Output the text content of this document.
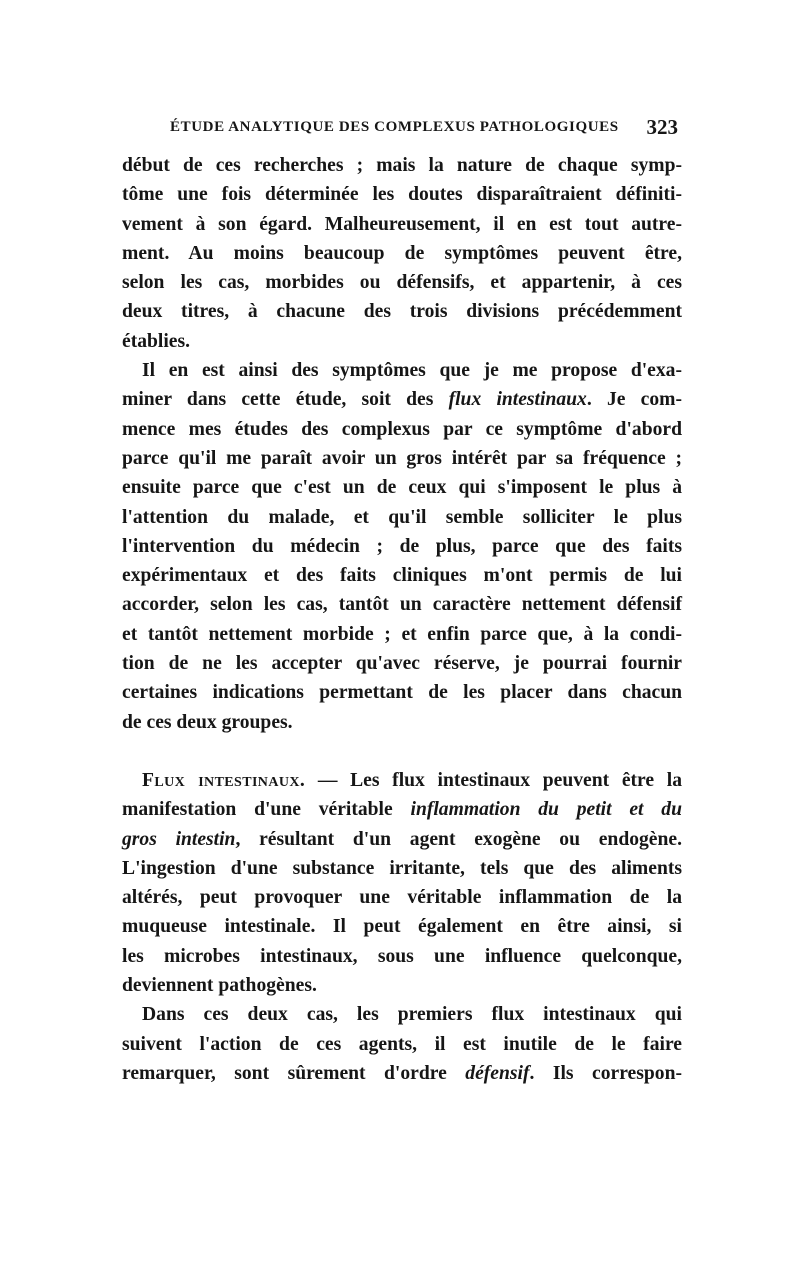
ÉTUDE ANALYTIQUE DES COMPLEXUS PATHOLOGIQUES 323
début de ces recherches ; mais la nature de chaque symp-
tôme une fois déterminée les doutes disparaîtraient définiti-
vement à son égard. Malheureusement, il en est tout autre-
ment. Au moins beaucoup de symptômes peuvent être,
selon les cas, morbides ou défensifs, et appartenir, à ces
deux titres, à chacune des trois divisions précédemment
établies.
Il en est ainsi des symptômes que je me propose d'exa-
miner dans cette étude, soit des flux intestinaux. Je com-
mence mes études des complexus par ce symptôme d'abord
parce qu'il me paraît avoir un gros intérêt par sa fréquence ;
ensuite parce que c'est un de ceux qui s'imposent le plus à
l'attention du malade, et qu'il semble solliciter le plus
l'intervention du médecin ; de plus, parce que des faits
expérimentaux et des faits cliniques m'ont permis de lui
accorder, selon les cas, tantôt un caractère nettement défensif
et tantôt nettement morbide ; et enfin parce que, à la condi-
tion de ne les accepter qu'avec réserve, je pourrai fournir
certaines indications permettant de les placer dans chacun
de ces deux groupes.
Flux intestinaux. — Les flux intestinaux peuvent être la
manifestation d'une véritable inflammation du petit et du
gros intestin, résultant d'un agent exogène ou endogène.
L'ingestion d'une substance irritante, tels que des aliments
altérés, peut provoquer une véritable inflammation de la
muqueuse intestinale. Il peut également en être ainsi, si
les microbes intestinaux, sous une influence quelconque,
deviennent pathogènes.
Dans ces deux cas, les premiers flux intestinaux qui
suivent l'action de ces agents, il est inutile de le faire
remarquer, sont sûrement d'ordre défensif. Ils correspon-
